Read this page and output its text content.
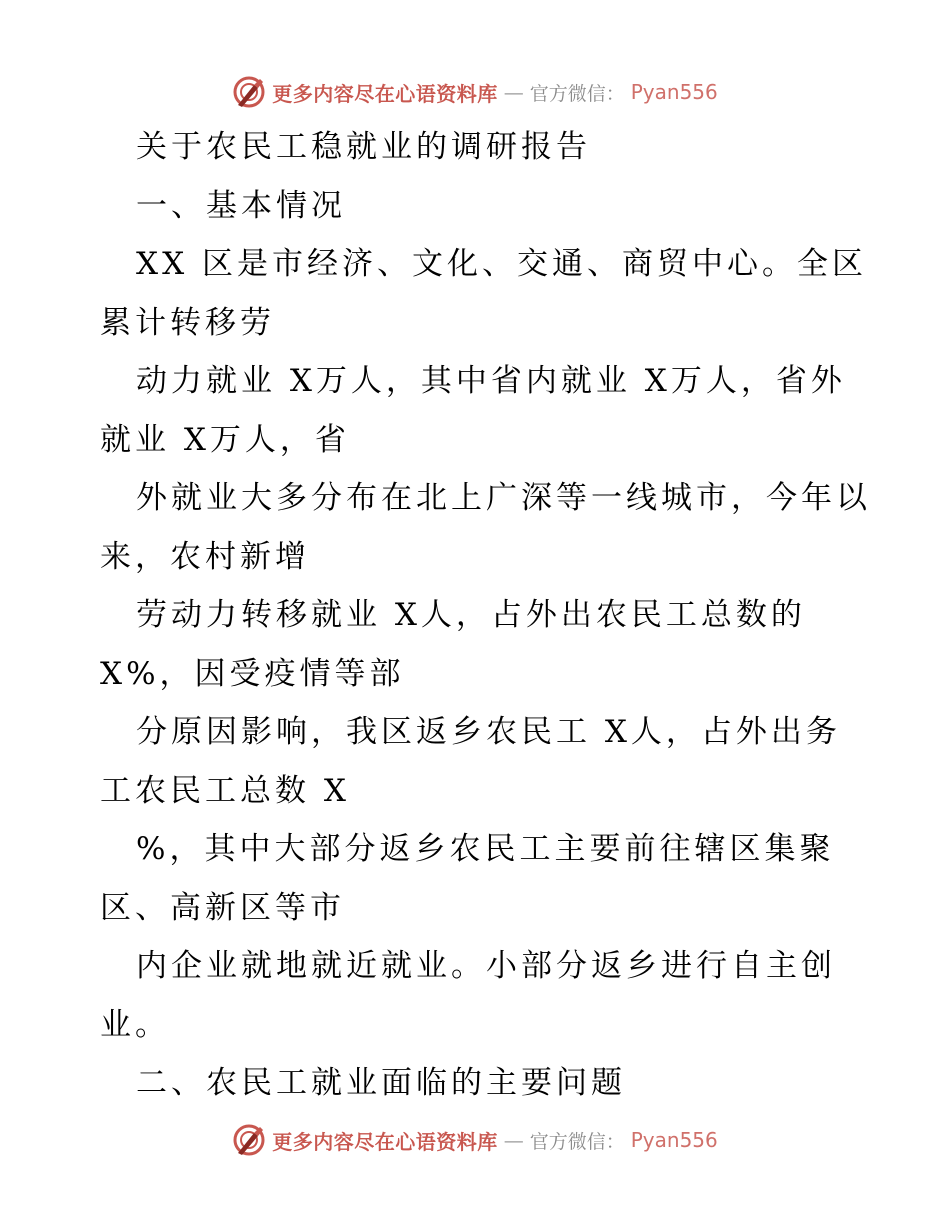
更多内容尽在心语资料库 — 官方微信： Pyan556
关于农民工稳就业的调研报告
一、基本情况
XX 区是市经济、文化、交通、商贸中心。全区
累计转移劳
动力就业 X万人，其中省内就业 X万人，省外
就业 X万人，省
外就业大多分布在北上广深等一线城市，今年以
来，农村新增
劳动力转移就业 X人，占外出农民工总数的
X%，因受疫情等部
分原因影响，我区返乡农民工 X人，占外出务
工农民工总数 X
%，其中大部分返乡农民工主要前往辖区集聚
区、高新区等市
内企业就地就近就业。小部分返乡进行自主创
业。
二、农民工就业面临的主要问题
更多内容尽在心语资料库 — 官方微信： Pyan556
